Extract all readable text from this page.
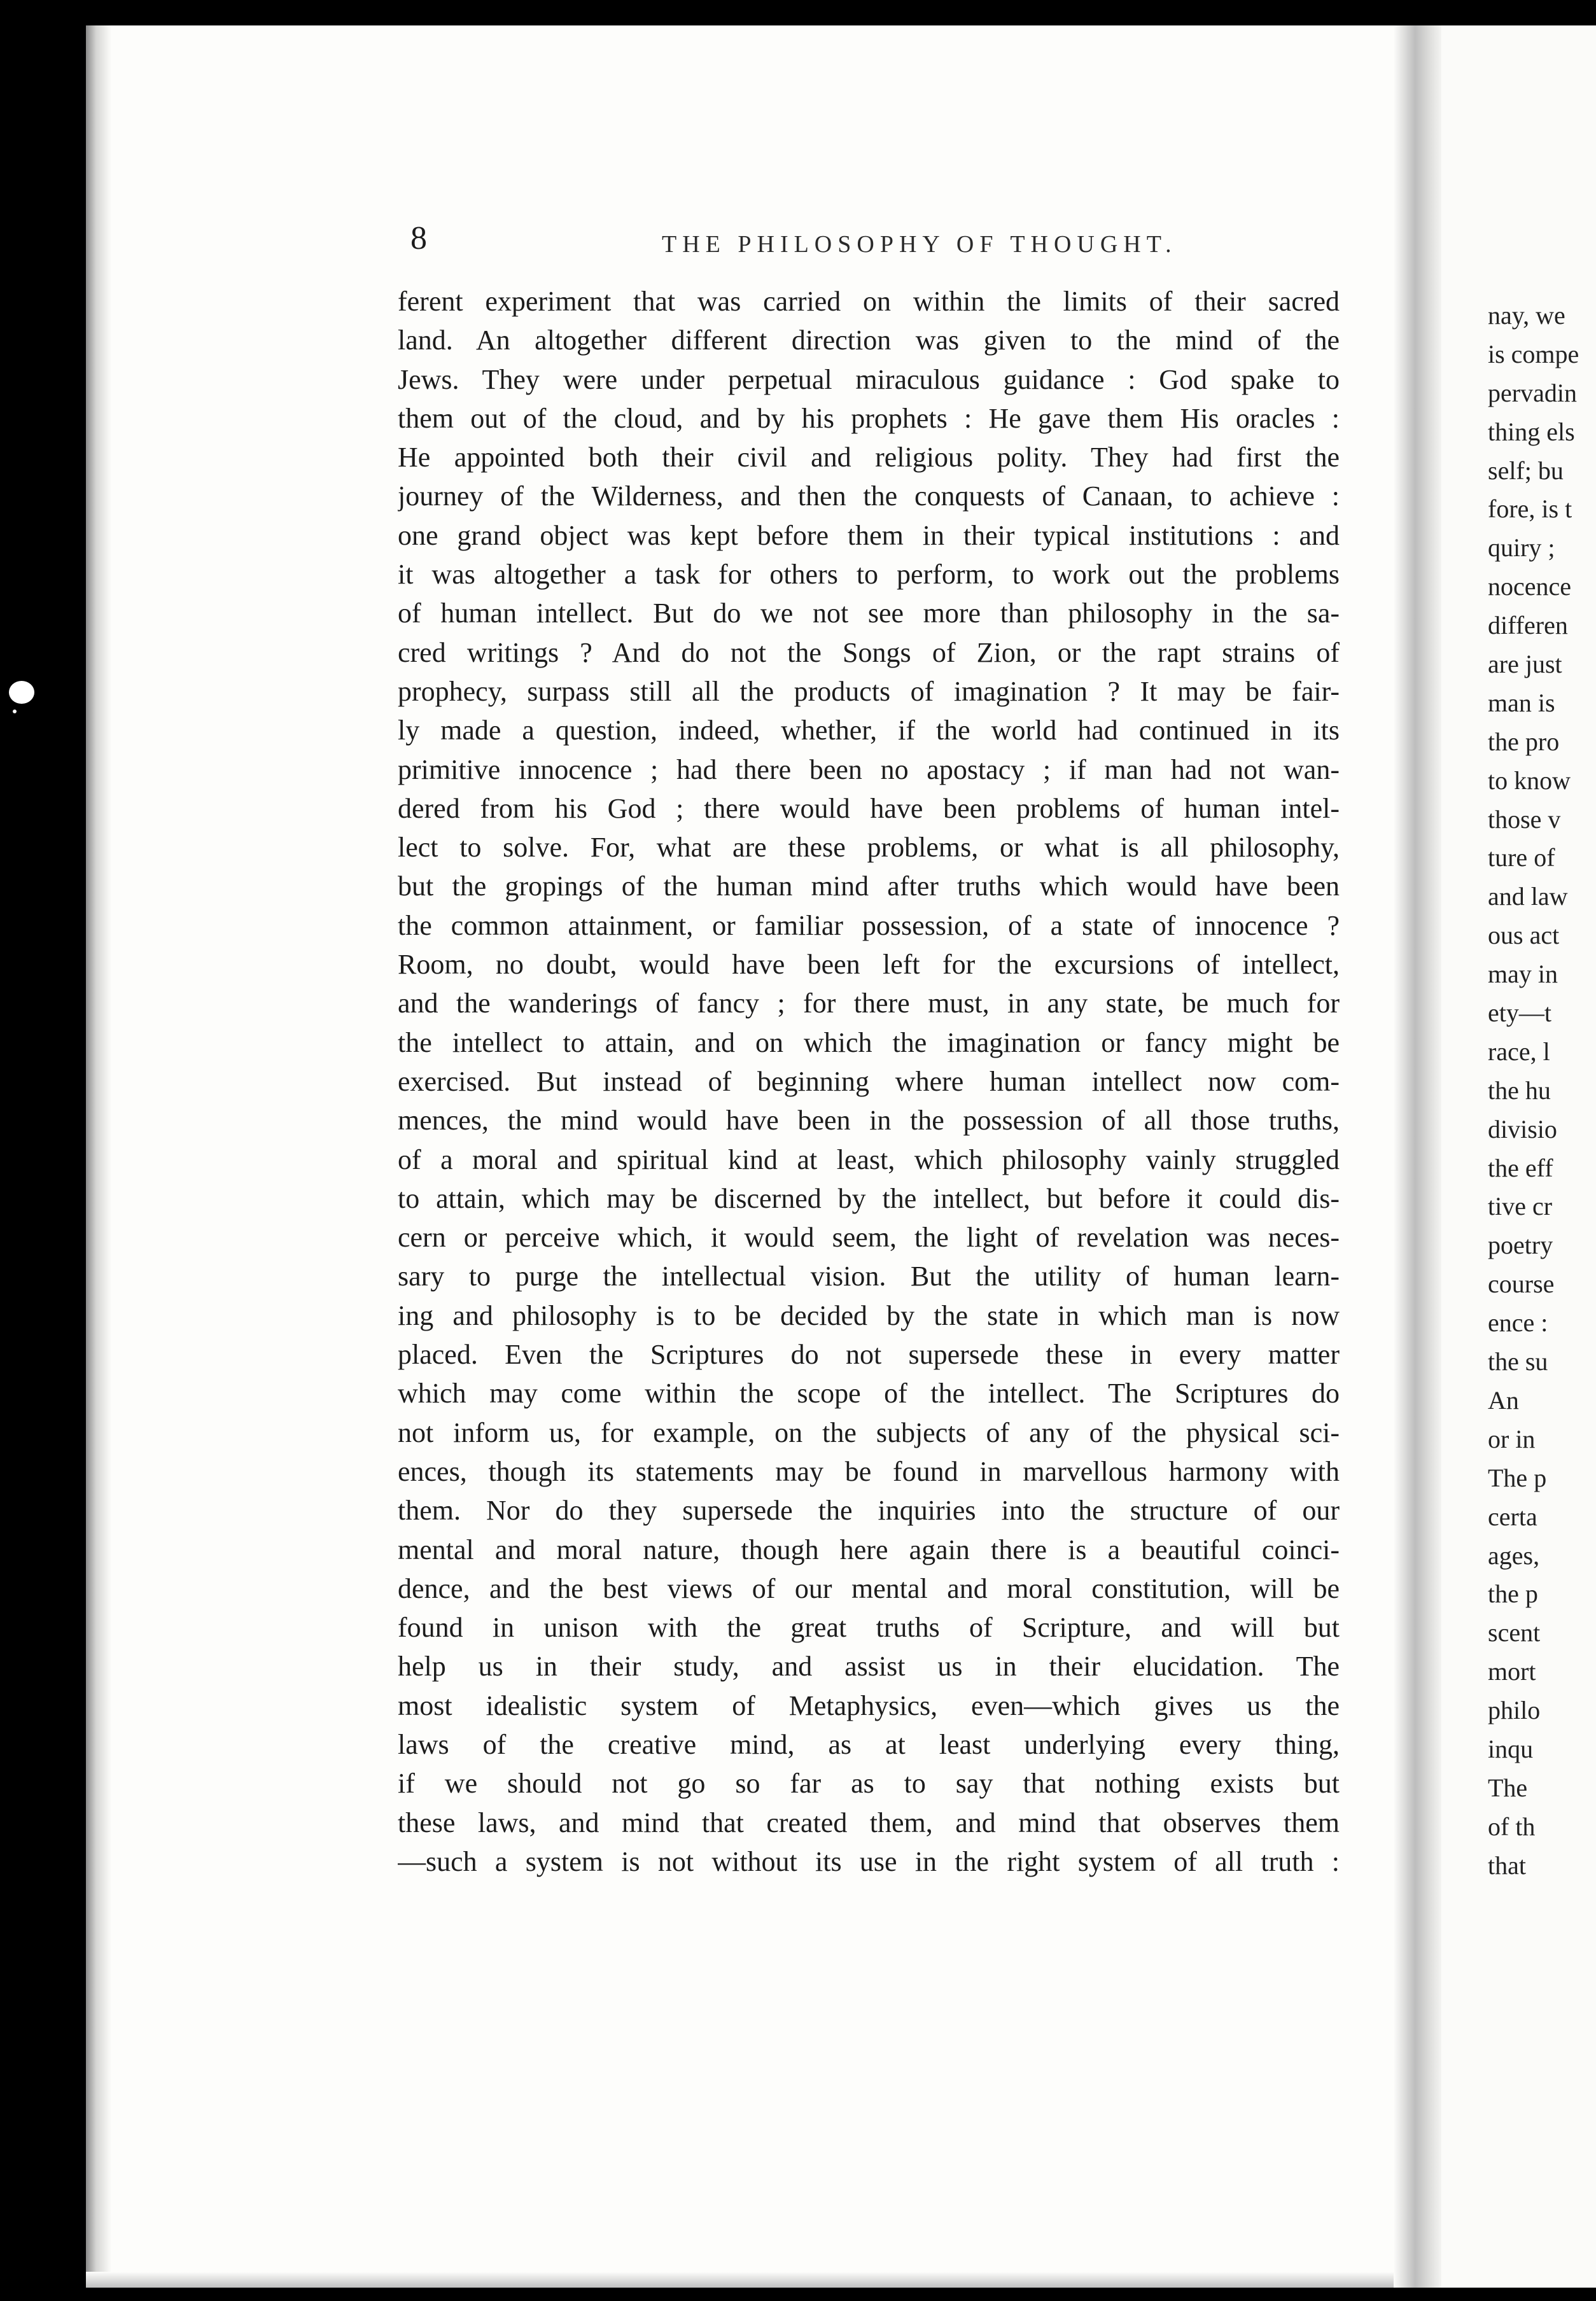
8	THE PHILOSOPHY OF THOUGHT.

ferent experiment that was carried on within the limits of their sacred
land. An altogether different direction was given to the mind of the
Jews. They were under perpetual miraculous guidance : God spake to
them out of the cloud, and by his prophets : He gave them His oracles :
He appointed both their civil and religious polity. They had first the
journey of the Wilderness, and then the conquests of Canaan, to achieve :
one grand object was kept before them in their typical institutions : and
it was altogether a task for others to perform, to work out the problems
of human intellect. But do we not see more than philosophy in the sa-
cred writings ? And do not the Songs of Zion, or the rapt strains of
prophecy, surpass still all the products of imagination ? It may be fair-
ly made a question, indeed, whether, if the world had continued in its
primitive innocence ; had there been no apostacy ; if man had not wan-
dered from his God ; there would have been problems of human intel-
lect to solve. For, what are these problems, or what is all philosophy,
but the gropings of the human mind after truths which would have been
the common attainment, or familiar possession, of a state of innocence ?
Room, no doubt, would have been left for the excursions of intellect,
and the wanderings of fancy ; for there must, in any state, be much for
the intellect to attain, and on which the imagination or fancy might be
exercised. But instead of beginning where human intellect now com-
mences, the mind would have been in the possession of all those truths,
of a moral and spiritual kind at least, which philosophy vainly struggled
to attain, which may be discerned by the intellect, but before it could dis-
cern or perceive which, it would seem, the light of revelation was neces-
sary to purge the intellectual vision. But the utility of human learn-
ing and philosophy is to be decided by the state in which man is now
placed. Even the Scriptures do not supersede these in every matter
which may come within the scope of the intellect. The Scriptures do
not inform us, for example, on the subjects of any of the physical sci-
ences, though its statements may be found in marvellous harmony with
them. Nor do they supersede the inquiries into the structure of our
mental and moral nature, though here again there is a beautiful coinci-
dence, and the best views of our mental and moral constitution, will be
found in unison with the great truths of Scripture, and will but
help us in their study, and assist us in their elucidation. The
most idealistic system of Metaphysics, even—which gives us the
laws of the creative mind, as at least underlying every thing,
if we should not go so far as to say that nothing exists but
these laws, and mind that created them, and mind that observes them
—such a system is not without its use in the right system of all truth :
nay, we
is compe
pervadin
thing els
self; bu
fore, is t
quiry ;
nocence
differen
are just
man is
the pro
to know
those v
ture of
and law
ous act
may in
ety—t
race, l
the hu
divisio
the eff
tive cr
poetry
course
ence :
the su
An
or in
The p
certa
ages,
the p
scent
mort
philo
inqu
The
of th
that
